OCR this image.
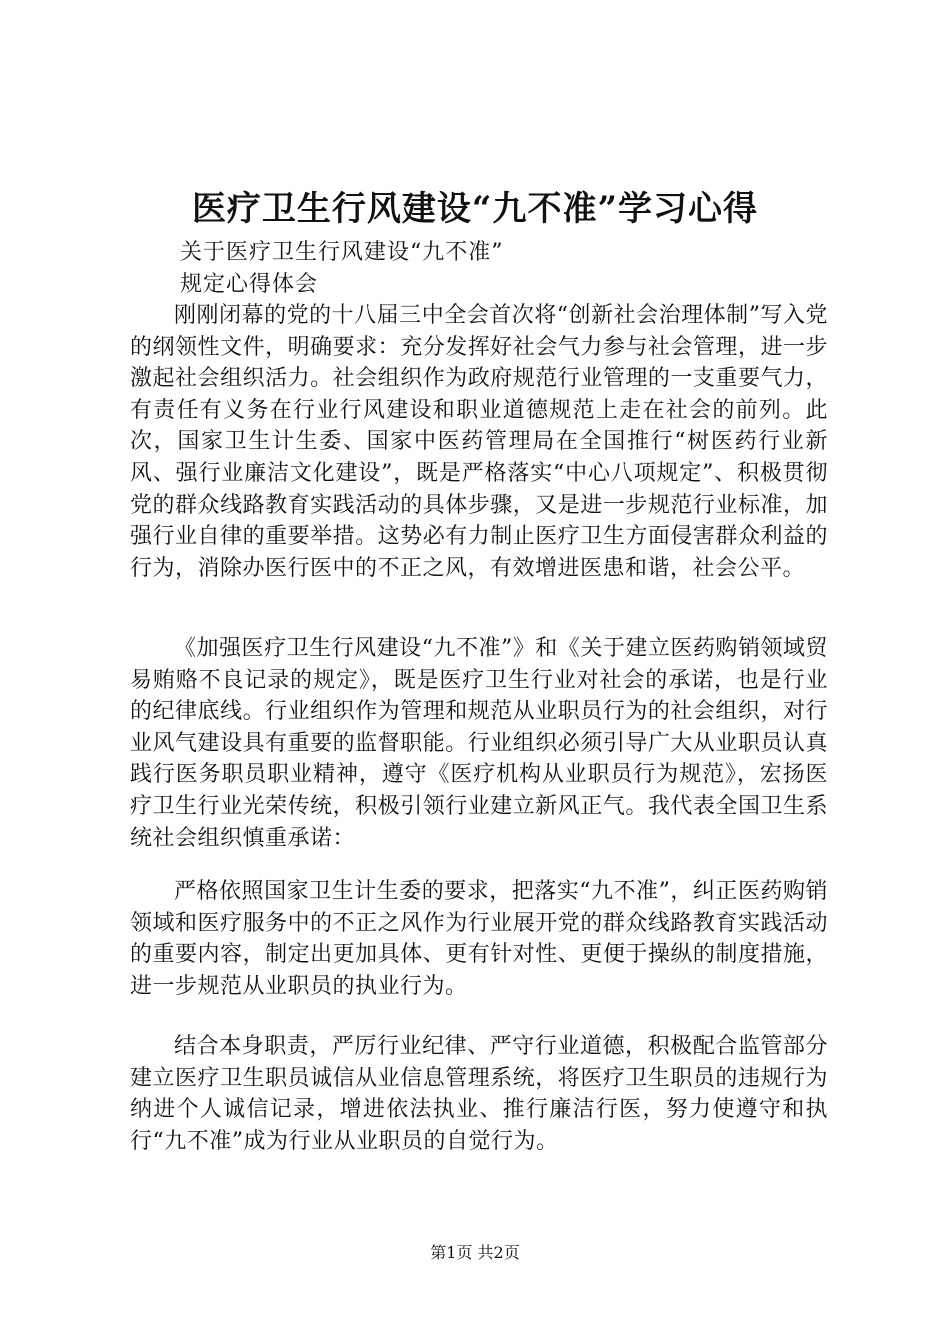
医疗卫生行风建设“九不准”学习心得

关于医疗卫生行风建设“九不准”

规定心得体会

刚刚闭幕的党的十八届三中全会首次将“创新社会治理体制”写入党的纲领性文件，明确要求：充分发挥好社会气力参与社会管理，进一步激起社会组织活力。社会组织作为政府规范行业管理的一支重要气力，有责任有义务在行业行风建设和职业道德规范上走在社会的前列。此次，国家卫生计生委、国家中医药管理局在全国推行“树医药行业新风、强行业廉洁文化建设”，既是严格落实“中心八项规定”、积极贯彻党的群众线路教育实践活动的具体步骤，又是进一步规范行业标准，加强行业自律的重要举措。这势必有力制止医疗卫生方面侵害群众利益的行为，消除办医行医中的不正之风，有效增进医患和谐，社会公平。

《加强医疗卫生行风建设“九不准”》和《关于建立医药购销领域贸易贿赂不良记录的规定》，既是医疗卫生行业对社会的承诺，也是行业的纪律底线。行业组织作为管理和规范从业职员行为的社会组织，对行业风气建设具有重要的监督职能。行业组织必须引导广大从业职员认真践行医务职员职业精神，遵守《医疗机构从业职员行为规范》，宏扬医疗卫生行业光荣传统，积极引领行业建立新风正气。我代表全国卫生系统社会组织慎重承诺：

严格依照国家卫生计生委的要求，把落实“九不准”，纠正医药购销领域和医疗服务中的不正之风作为行业展开党的群众线路教育实践活动的重要内容，制定出更加具体、更有针对性、更便于操纵的制度措施，进一步规范从业职员的执业行为。

结合本身职责，严厉行业纪律、严守行业道德，积极配合监管部分建立医疗卫生职员诚信从业信息管理系统，将医疗卫生职员的违规行为纳进个人诚信记录，增进依法执业、推行廉洁行医，努力使遵守和执行“九不准”成为行业从业职员的自觉行为。

第1页 共2页
